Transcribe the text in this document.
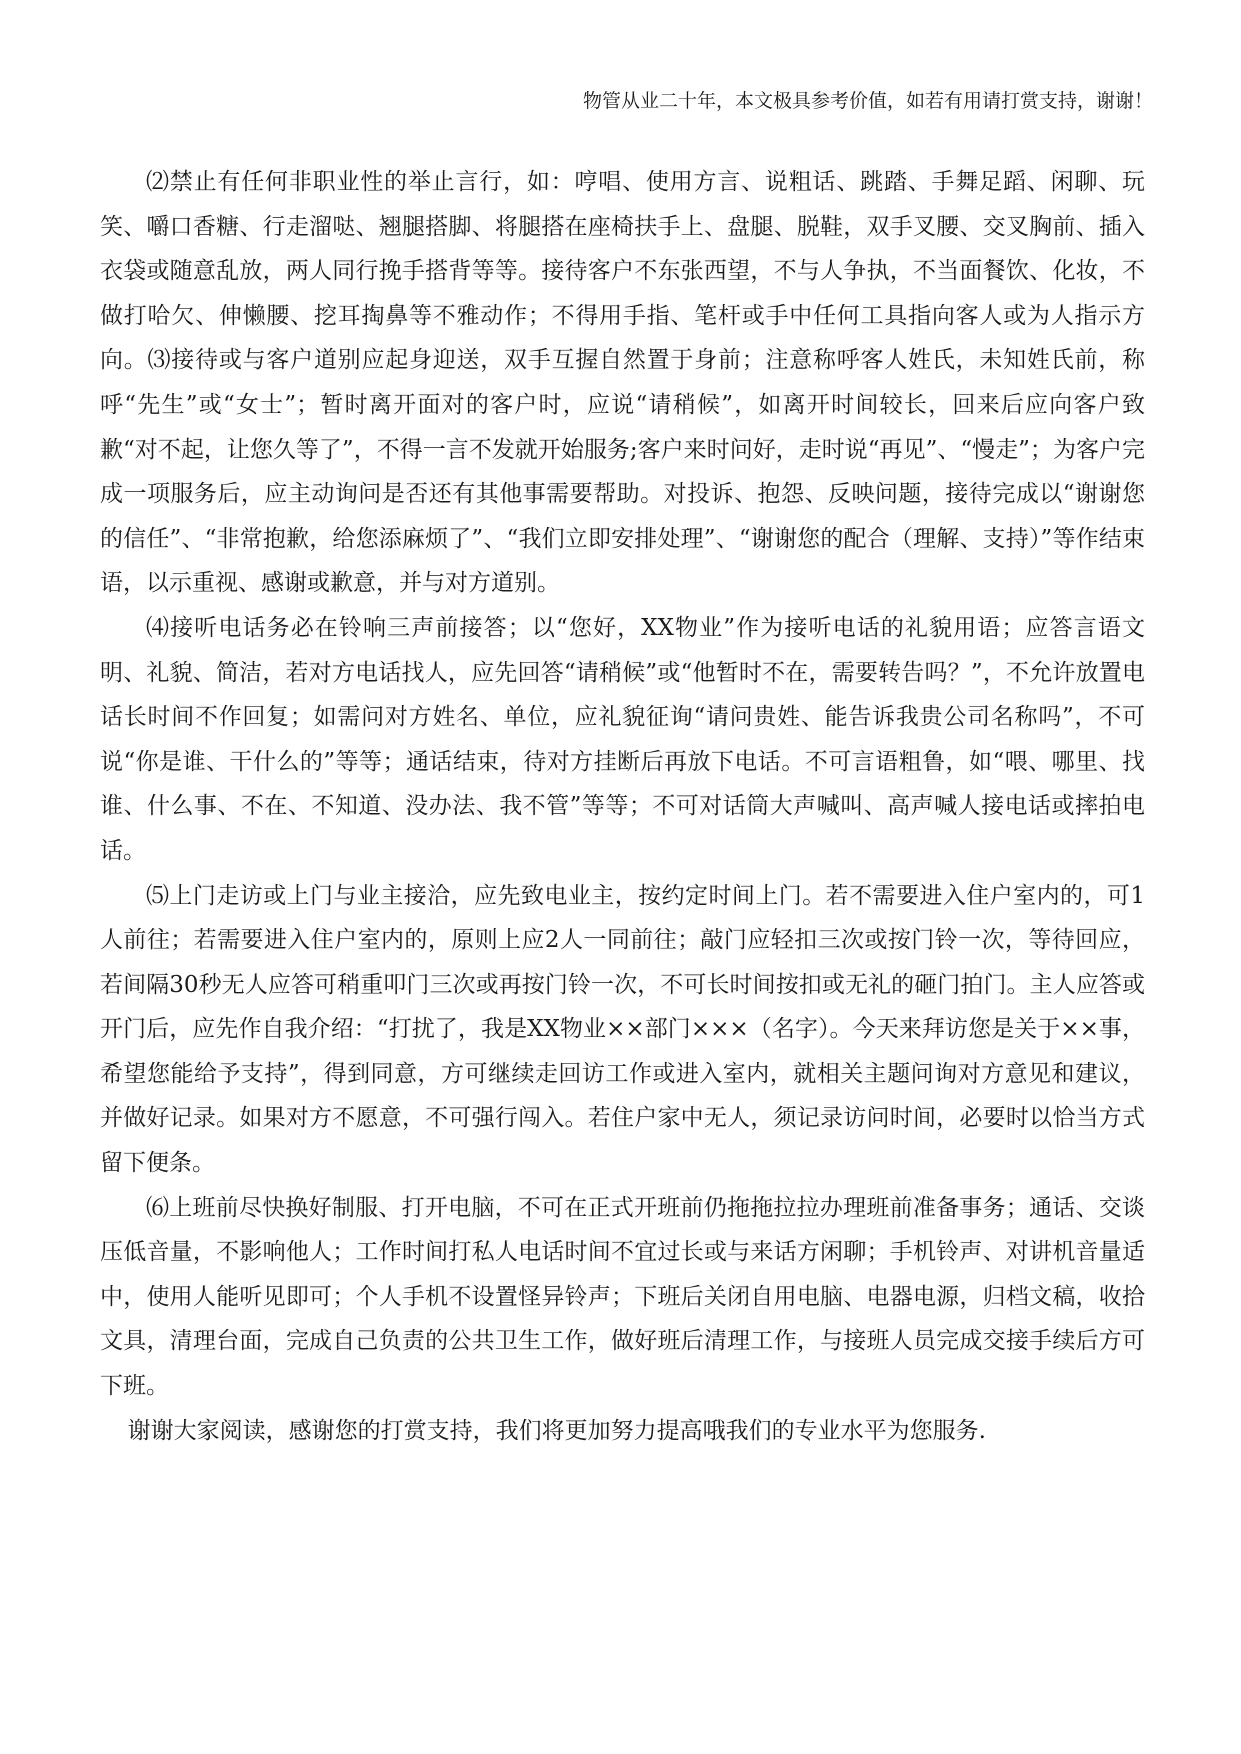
物管从业二十年，本文极具参考价值，如若有用请打赏支持，谢谢！

⑵禁止有任何非职业性的举止言行，如：哼唱、使用方言、说粗话、跳踏、手舞足蹈、闲聊、玩笑、嚼口香糖、行走溜哒、翘腿搭脚、将腿搭在座椅扶手上、盘腿、脱鞋，双手叉腰、交叉胸前、插入衣袋或随意乱放，两人同行挽手搭背等等。接待客户不东张西望，不与人争执，不当面餐饮、化妆，不做打哈欠、伸懒腰、挖耳掏鼻等不雅动作；不得用手指、笔杆或手中任何工具指向客人或为人指示方向。⑶接待或与客户道别应起身迎送，双手互握自然置于身前；注意称呼客人姓氏，未知姓氏前，称呼“先生”或“女士”；暂时离开面对的客户时，应说“请稍候”，如离开时间较长，回来后应向客户致歉“对不起，让您久等了”，不得一言不发就开始服务;客户来时问好，走时说“再见”、“慢走”；为客户完成一项服务后，应主动询问是否还有其他事需要帮助。对投诉、抱怨、反映问题，接待完成以“谢谢您的信任”、“非常抱歉，给您添麻烦了”、“我们立即安排处理”、“谢谢您的配合（理解、支持）”等作结束语，以示重视、感谢或歉意，并与对方道别。

⑷接听电话务必在铃响三声前接答；以“您好，XX物业”作为接听电话的礼貌用语；应答言语文明、礼貌、简洁，若对方电话找人，应先回答“请稍候”或“他暂时不在，需要转告吗？”，不允许放置电话长时间不作回复；如需问对方姓名、单位，应礼貌征询“请问贵姓、能告诉我贵公司名称吗”，不可说“你是谁、干什么的”等等；通话结束，待对方挂断后再放下电话。不可言语粗鲁，如“喂、哪里、找谁、什么事、不在、不知道、没办法、我不管”等等；不可对话筒大声喊叫、高声喊人接电话或摔拍电话。

⑸上门走访或上门与业主接洽，应先致电业主，按约定时间上门。若不需要进入住户室内的，可1人前往；若需要进入住户室内的，原则上应2人一同前往；敲门应轻扣三次或按门铃一次，等待回应，若间隔30秒无人应答可稍重叩门三次或再按门铃一次，不可长时间按扣或无礼的砸门拍门。主人应答或开门后，应先作自我介绍：“打扰了，我是XX物业××部门×××（名字）。今天来拜访您是关于××事，希望您能给予支持”，得到同意，方可继续走回访工作或进入室内，就相关主题问询对方意见和建议，并做好记录。如果对方不愿意，不可强行闯入。若住户家中无人，须记录访问时间，必要时以恰当方式留下便条。

⑹上班前尽快换好制服、打开电脑，不可在正式开班前仍拖拖拉拉办理班前准备事务；通话、交谈压低音量，不影响他人；工作时间打私人电话时间不宜过长或与来话方闲聊；手机铃声、对讲机音量适中，使用人能听见即可；个人手机不设置怪异铃声；下班后关闭自用电脑、电器电源，归档文稿，收拾文具，清理台面，完成自己负责的公共卫生工作，做好班后清理工作，与接班人员完成交接手续后方可下班。

谢谢大家阅读，感谢您的打赏支持，我们将更加努力提高哦我们的专业水平为您服务.
